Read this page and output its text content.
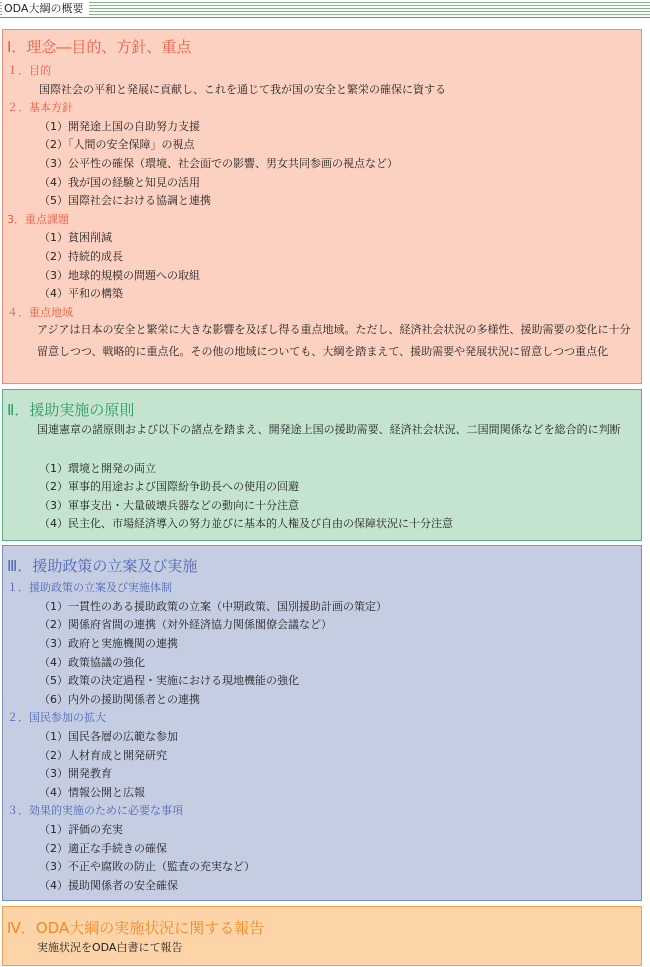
ODA大綱の概要
Ⅰ．理念―目的、方針、重点
１．目的
国際社会の平和と発展に貢献し、これを通じて我が国の安全と繁栄の確保に資する
２．基本方針
（1）開発途上国の自助努力支援
（2）「人間の安全保障」の視点
（3）公平性の確保（環境、社会面での影響、男女共同参画の視点など）
（4）我が国の経験と知見の活用
（5）国際社会における協調と連携
3．重点課題
（1）貧困削減
（2）持続的成長
（3）地球的規模の問題への取組
（4）平和の構築
４．重点地域
アジアは日本の安全と繁栄に大きな影響を及ぼし得る重点地域。ただし、経済社会状況の多様性、援助需要の変化に十分留意しつつ、戦略的に重点化。その他の地域についても、大綱を踏まえて、援助需要や発展状況に留意しつつ重点化
Ⅱ．援助実施の原則
国連憲章の諸原則および以下の諸点を踏まえ、開発途上国の援助需要、経済社会状況、二国間関係などを総合的に判断
（1）環境と開発の両立
（2）軍事的用途および国際紛争助長への使用の回避
（3）軍事支出・大量破壊兵器などの動向に十分注意
（4）民主化、市場経済導入の努力並びに基本的人権及び自由の保障状況に十分注意
Ⅲ．援助政策の立案及び実施
１．援助政策の立案及び実施体制
（1）一貫性のある援助政策の立案（中期政策、国別援助計画の策定）
（2）関係府省間の連携（対外経済協力関係閣僚会議など）
（3）政府と実施機関の連携
（4）政策協議の強化
（5）政策の決定過程・実施における現地機能の強化
（6）内外の援助関係者との連携
２．国民参加の拡大
（1）国民各層の広範な参加
（2）人材育成と開発研究
（3）開発教育
（4）情報公開と広報
３．効果的実施のために必要な事項
（1）評価の充実
（2）適正な手続きの確保
（3）不正や腐敗の防止（監査の充実など）
（4）援助関係者の安全確保
Ⅳ．ODA大綱の実施状況に関する報告
実施状況をODA白書にて報告
